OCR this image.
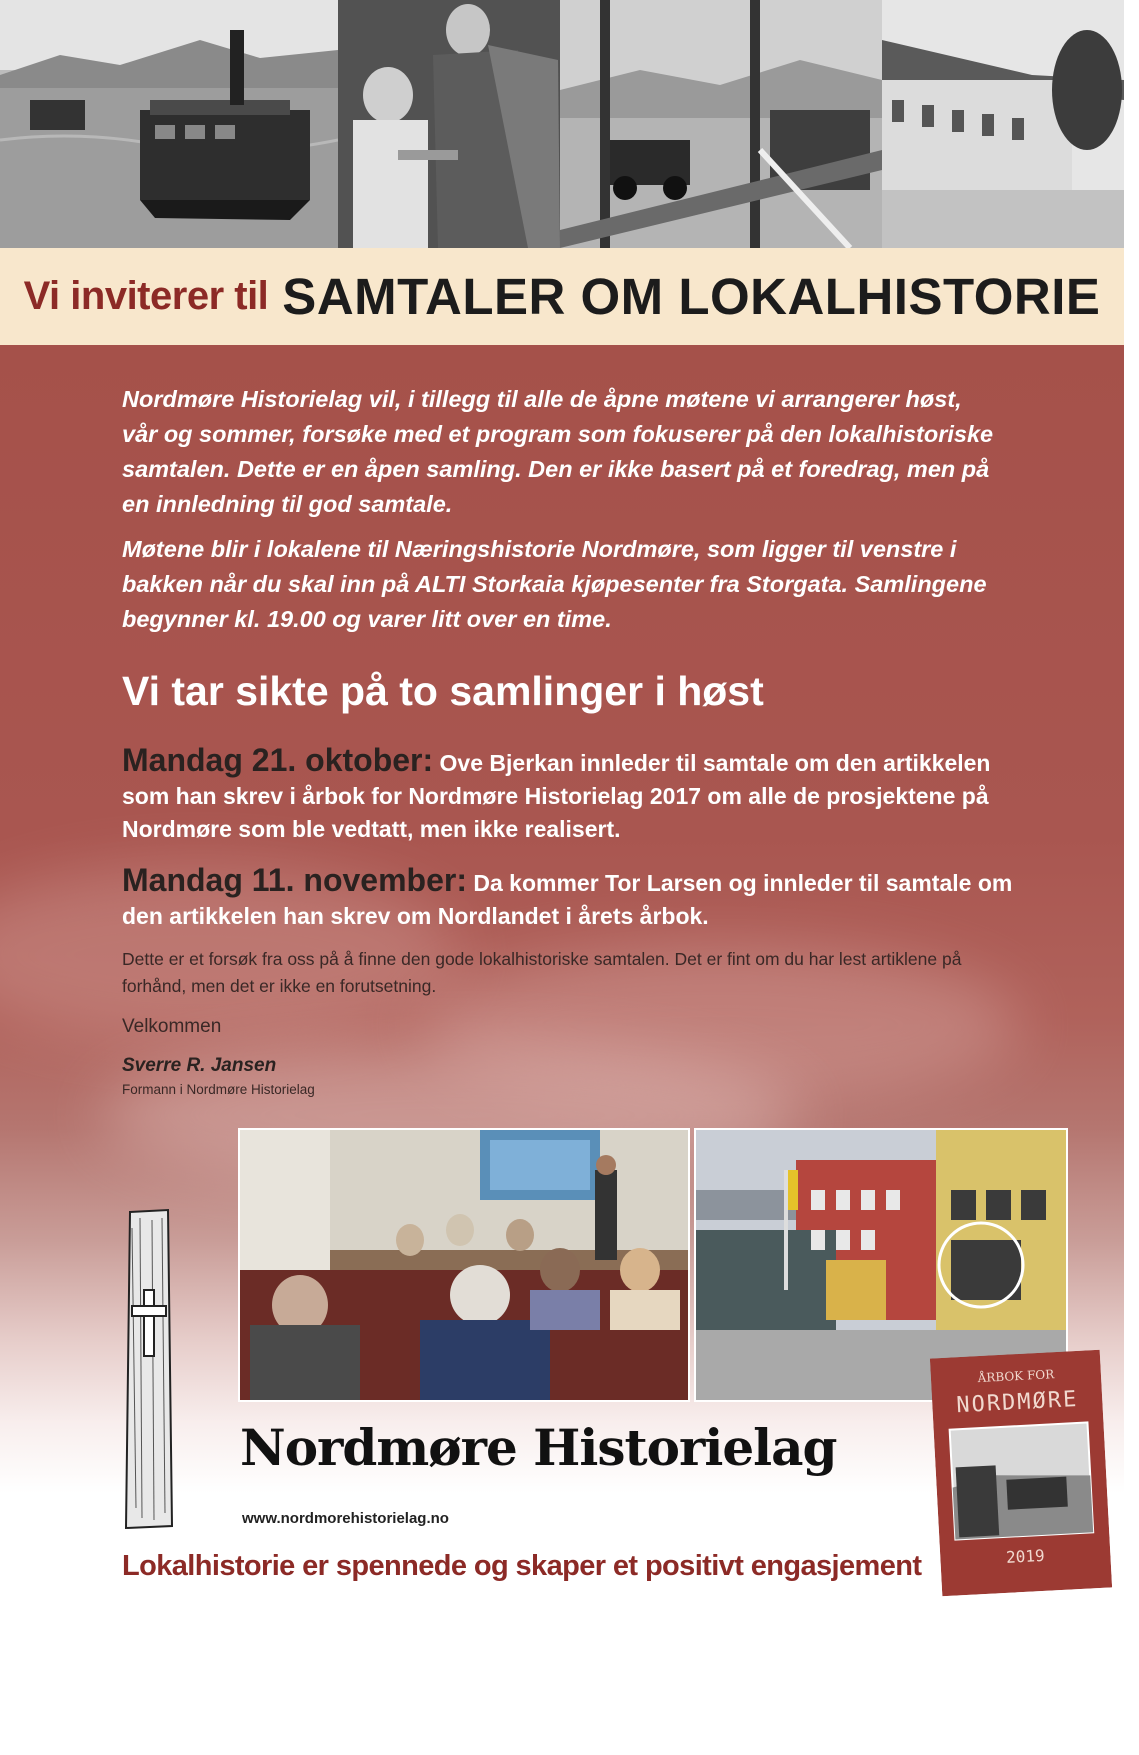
Vi inviterer til SAMTALER OM LOKALHISTORIE

Nordmøre Historielag vil, i tillegg til alle de åpne møtene vi arrangerer høst, vår og sommer, forsøke med et program som fokuserer på den lokalhistoriske samtalen. Dette er en åpen samling. Den er ikke basert på et foredrag, men på en innledning til god samtale.

Møtene blir i lokalene til Næringshistorie Nordmøre, som ligger til venstre i bakken når du skal inn på ALTI Storkaia kjøpesenter fra Storgata. Samlingene begynner kl. 19.00 og varer litt over en time.

Vi tar sikte på to samlinger i høst
Mandag 21. oktober: Ove Bjerkan innleder til samtale om den artikkelen som han skrev i årbok for Nordmøre Historielag 2017 om alle de prosjektene på Nordmøre som ble vedtatt, men ikke realisert.
Mandag 11. november: Da kommer Tor Larsen og innleder til samtale om den artikkelen han skrev om Nordlandet i årets årbok.
Dette er et forsøk fra oss på å finne den gode lokalhistoriske samtalen. Det er fint om du har lest artiklene på forhånd, men det er ikke en forutsetning.
Velkommen
Sverre R. Jansen
Formann i Nordmøre Historielag
Nordmøre Historielag
www.nordmorehistorielag.no
Lokalhistorie er spennede og skaper et positivt engasjement
ÅRBOK FOR
NORDMØRE
2019
